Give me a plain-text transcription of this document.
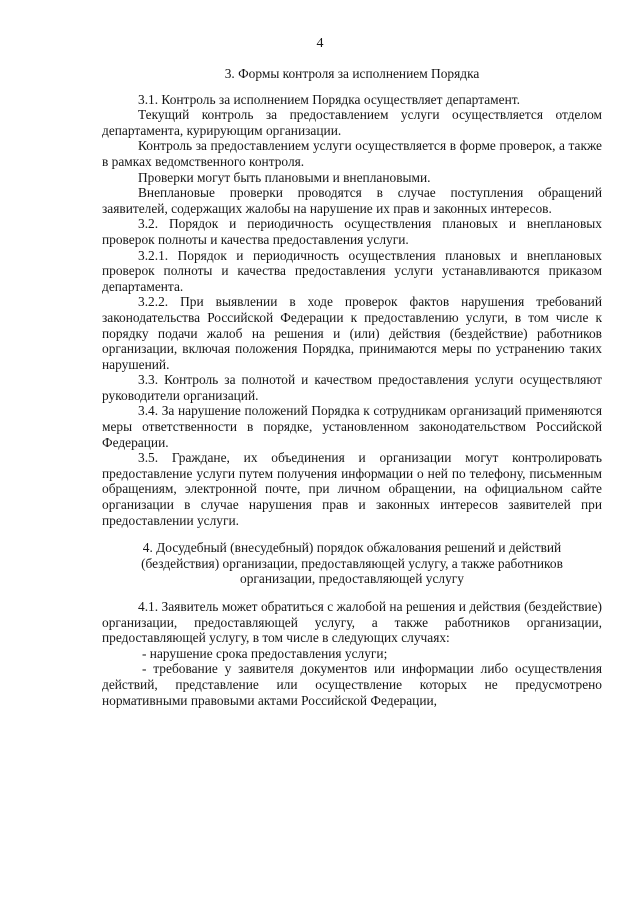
4

3. Формы контроля за исполнением Порядка

3.1. Контроль за исполнением Порядка осуществляет департамент.

Текущий контроль за предоставлением услуги осуществляется отделом департамента, курирующим организации.

Контроль за предоставлением услуги осуществляется в форме проверок, а также в рамках ведомственного контроля.

Проверки могут быть плановыми и внеплановыми.

Внеплановые проверки проводятся в случае поступления обращений заявителей, содержащих жалобы на нарушение их прав и законных интересов.

3.2. Порядок и периодичность осуществления плановых и внеплановых проверок полноты и качества предоставления услуги.

3.2.1. Порядок и периодичность осуществления плановых и внеплановых проверок полноты и качества предоставления услуги устанавливаются приказом департамента.

3.2.2. При выявлении в ходе проверок фактов нарушения требований законодательства Российской Федерации к предоставлению услуги, в том числе к порядку подачи жалоб на решения и (или) действия (бездействие) работников организации, включая положения Порядка, принимаются меры по устранению таких нарушений.

3.3. Контроль за полнотой и качеством предоставления услуги осуществляют руководители организаций.

3.4. За нарушение положений Порядка к сотрудникам организаций применяются меры ответственности в порядке, установленном законодательством Российской Федерации.

3.5. Граждане, их объединения и организации могут контролировать предоставление услуги путем получения информации о ней по телефону, письменным обращениям, электронной почте, при личном обращении, на официальном сайте организации в случае нарушения прав и законных интересов заявителей при предоставлении услуги.

4. Досудебный (внесудебный) порядок обжалования решений и действий
(бездействия) организации, предоставляющей услугу, а также работников
организации, предоставляющей услугу

4.1. Заявитель может обратиться с жалобой на решения и действия (бездействие) организации, предоставляющей услугу, а также работников организации, предоставляющей услугу, в том числе в следующих случаях:

- нарушение срока предоставления услуги;

- требование у заявителя документов или информации либо осуществления действий, представление или осуществление которых не предусмотрено нормативными правовыми актами Российской Федерации,
